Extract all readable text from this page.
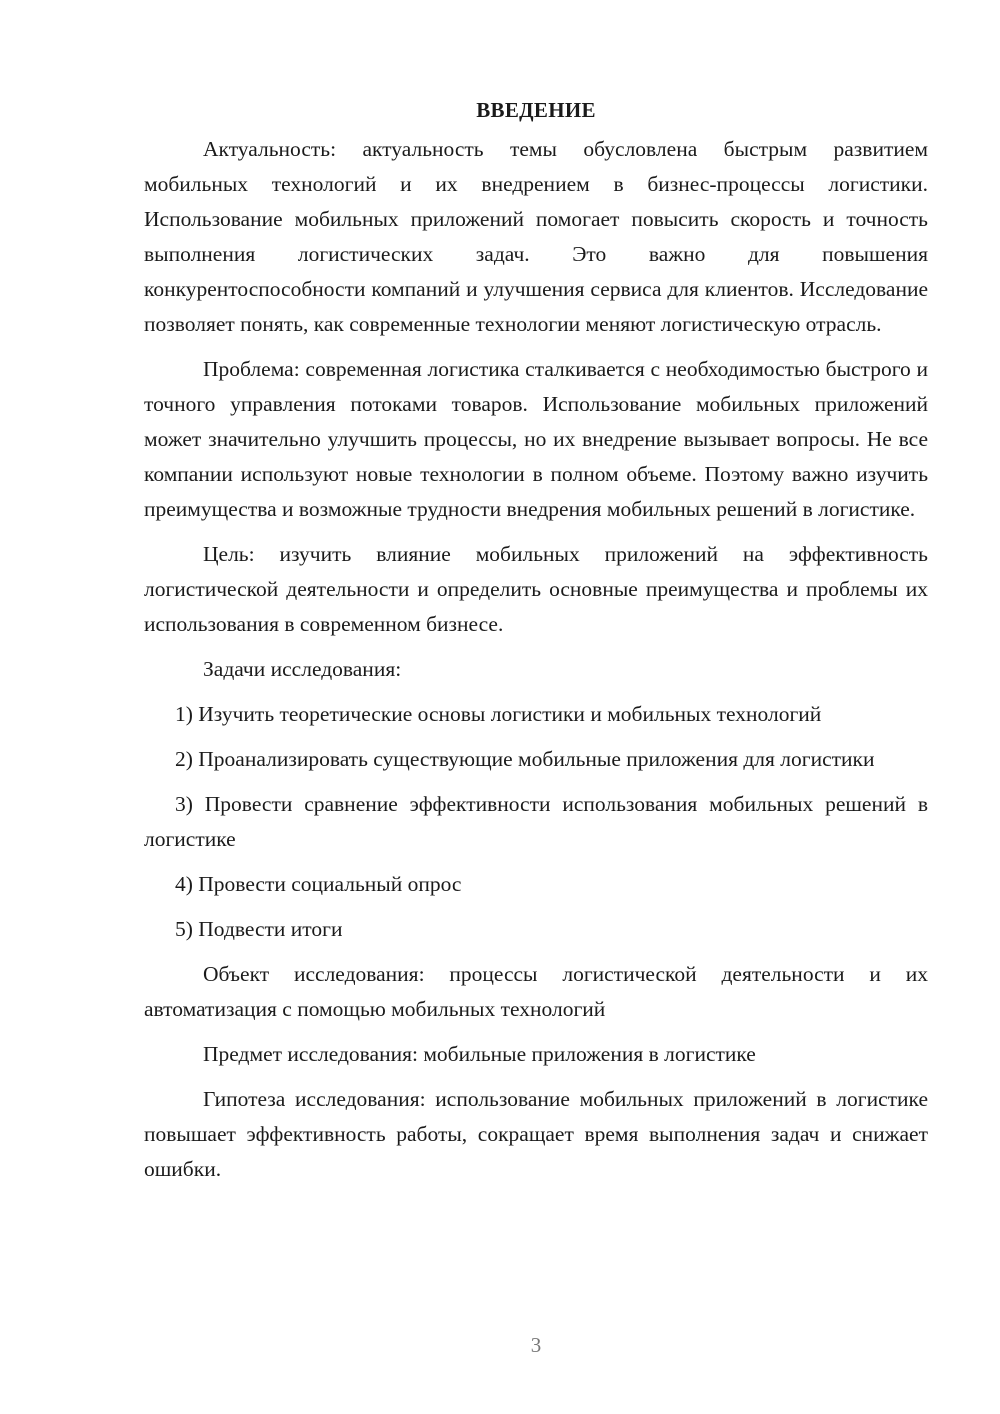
ВВЕДЕНИЕ

Актуальность: актуальность темы обусловлена быстрым развитием мобильных технологий и их внедрением в бизнес-процессы логистики. Использование мобильных приложений помогает повысить скорость и точность выполнения логистических задач. Это важно для повышения конкурентоспособности компаний и улучшения сервиса для клиентов. Исследование позволяет понять, как современные технологии меняют логистическую отрасль.

Проблема: современная логистика сталкивается с необходимостью быстрого и точного управления потоками товаров. Использование мобильных приложений может значительно улучшить процессы, но их внедрение вызывает вопросы. Не все компании используют новые технологии в полном объеме. Поэтому важно изучить преимущества и возможные трудности внедрения мобильных решений в логистике.

Цель: изучить влияние мобильных приложений на эффективность логистической деятельности и определить основные преимущества и проблемы их использования в современном бизнесе.

Задачи исследования:

1) Изучить теоретические основы логистики и мобильных технологий

2) Проанализировать существующие мобильные приложения для логистики

3) Провести сравнение эффективности использования мобильных решений в логистике

4) Провести социальный опрос

5) Подвести итоги

Объект исследования: процессы логистической деятельности и их автоматизация с помощью мобильных технологий

Предмет исследования: мобильные приложения в логистике

Гипотеза исследования: использование мобильных приложений в логистике повышает эффективность работы, сокращает время выполнения задач и снижает ошибки.

3
